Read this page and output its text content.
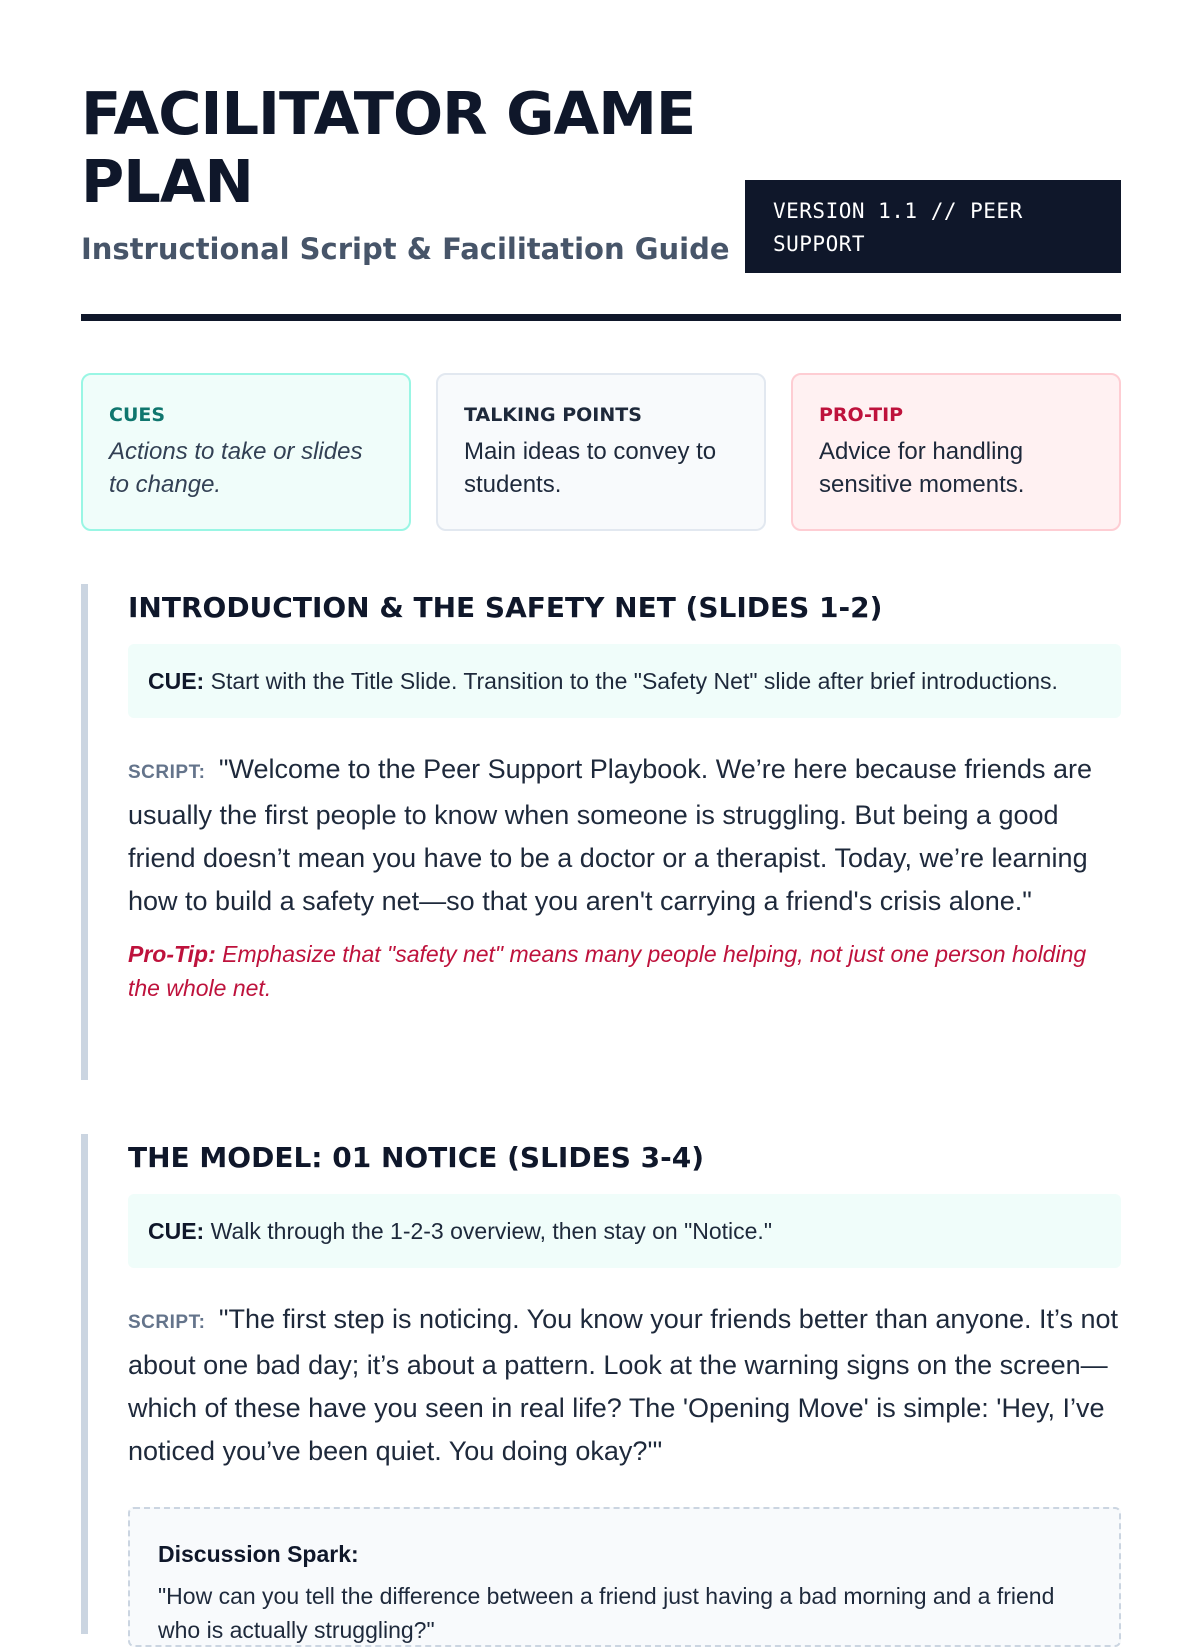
FACILITATOR GAME PLAN
Instructional Script & Facilitation Guide
VERSION 1.1 // PEER SUPPORT
CUES
Actions to take or slides to change.
TALKING POINTS
Main ideas to convey to students.
PRO-TIP
Advice for handling sensitive moments.
INTRODUCTION & THE SAFETY NET (SLIDES 1-2)
CUE: Start with the Title Slide. Transition to the "Safety Net" slide after brief introductions.
SCRIPT: "Welcome to the Peer Support Playbook. We’re here because friends are usually the first people to know when someone is struggling. But being a good friend doesn’t mean you have to be a doctor or a therapist. Today, we’re learning how to build a safety net—so that you aren't carrying a friend's crisis alone."
Pro-Tip: Emphasize that "safety net" means many people helping, not just one person holding the whole net.
THE MODEL: 01 NOTICE (SLIDES 3-4)
CUE: Walk through the 1-2-3 overview, then stay on "Notice."
SCRIPT: "The first step is noticing. You know your friends better than anyone. It’s not about one bad day; it’s about a pattern. Look at the warning signs on the screen—which of these have you seen in real life? The 'Opening Move' is simple: 'Hey, I’ve noticed you’ve been quiet. You doing okay?'"
Discussion Spark:
"How can you tell the difference between a friend just having a bad morning and a friend who is actually struggling?"
